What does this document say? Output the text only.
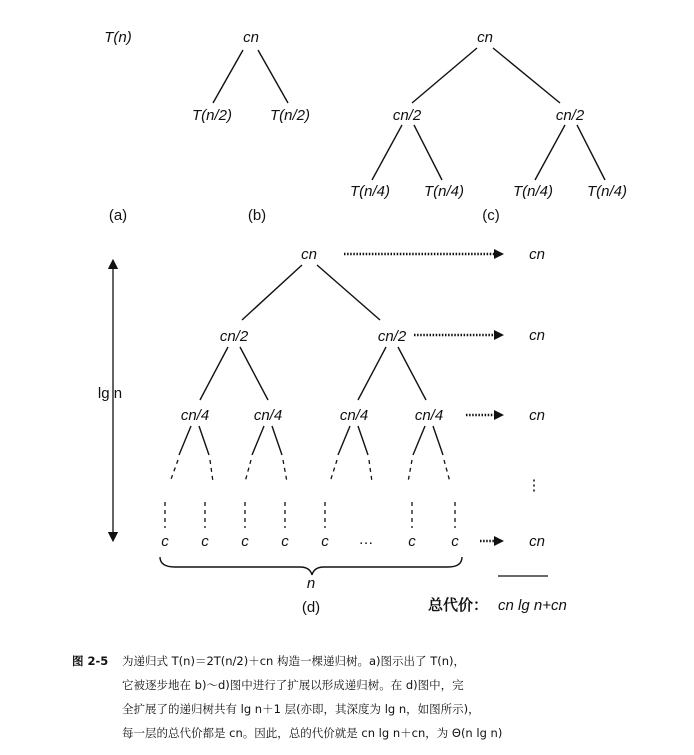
T(n)
(a)
cn
T(n/2)	T(n/2)
(b)
cn
cn/2	cn/2
T(n/4) T(n/4)	T(n/4) T(n/4)
(c)
lg n
cn
cn/2	cn/2
cn/4	cn/4	cn/4	cn/4
c c c c c … c c
cn
cn
cn
⋮
cn
n
(d)	总代价： cn lg n+cn
图 2-5 为递归式 T(n)＝2T(n/2)＋cn 构造一棵递归树。a)图示出了 T(n)，
它被逐步地在 b)～d)图中进行了扩展以形成递归树。在 d)图中，完
全扩展了的递归树共有 lg n＋1 层(亦即，其深度为 lg n，如图所示)，
每一层的总代价都是 cn。因此，总的代价就是 cn lg n＋cn，为 Θ(n lg n)
